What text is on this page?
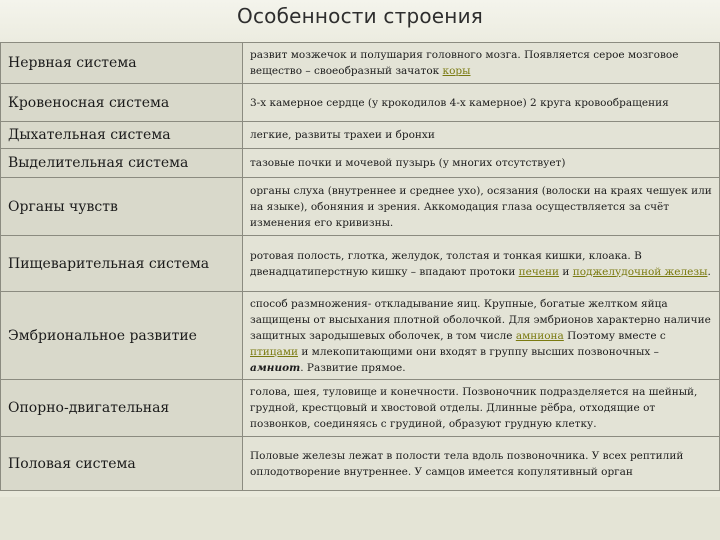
Особенности строения
Нервная система	развит мозжечок и полушария головного мозга. Появляется серое мозговое вещество – своеобразный зачаток коры
Кровеносная система	3-х камерное сердце (у крокодилов 4-х камерное) 2 круга кровообращения
Дыхательная система	легкие, развиты трахеи и бронхи
Выделительная система	тазовые почки и мочевой пузырь (у многих отсутствует)
Органы чувств	органы слуха (внутреннее и среднее ухо), осязания (волоски на краях чешуек или на языке), обоняния и зрения. Аккомодация глаза осуществляется за счёт изменения его кривизны.
Пищеварительная система	ротовая полость, глотка, желудок, толстая и тонкая кишки, клоака. В двенадцатиперстную кишку – впадают протоки печени и поджелудочной железы.
Эмбриональное развитие	способ размножения- откладывание яиц. Крупные, богатые желтком яйца защищены от высыхания плотной оболочкой. Для эмбрионов характерно наличие защитных зародышевых оболочек, в том числе амниона Поэтому вместе с птицами и млекопитающими они входят в группу высших позвоночных – амниот. Развитие прямое.
Опорно-двигательная	голова, шея, туловище и конечности. Позвоночник подразделяется на шейный, грудной, крестцовый и хвостовой отделы. Длинные рёбра, отходящие от позвонков, соединяясь с грудиной, образуют грудную клетку.
Половая система	Половые железы лежат в полости тела вдоль позвоночника. У всех рептилий оплодотворение внутреннее. У самцов имеется копулятивный орган
